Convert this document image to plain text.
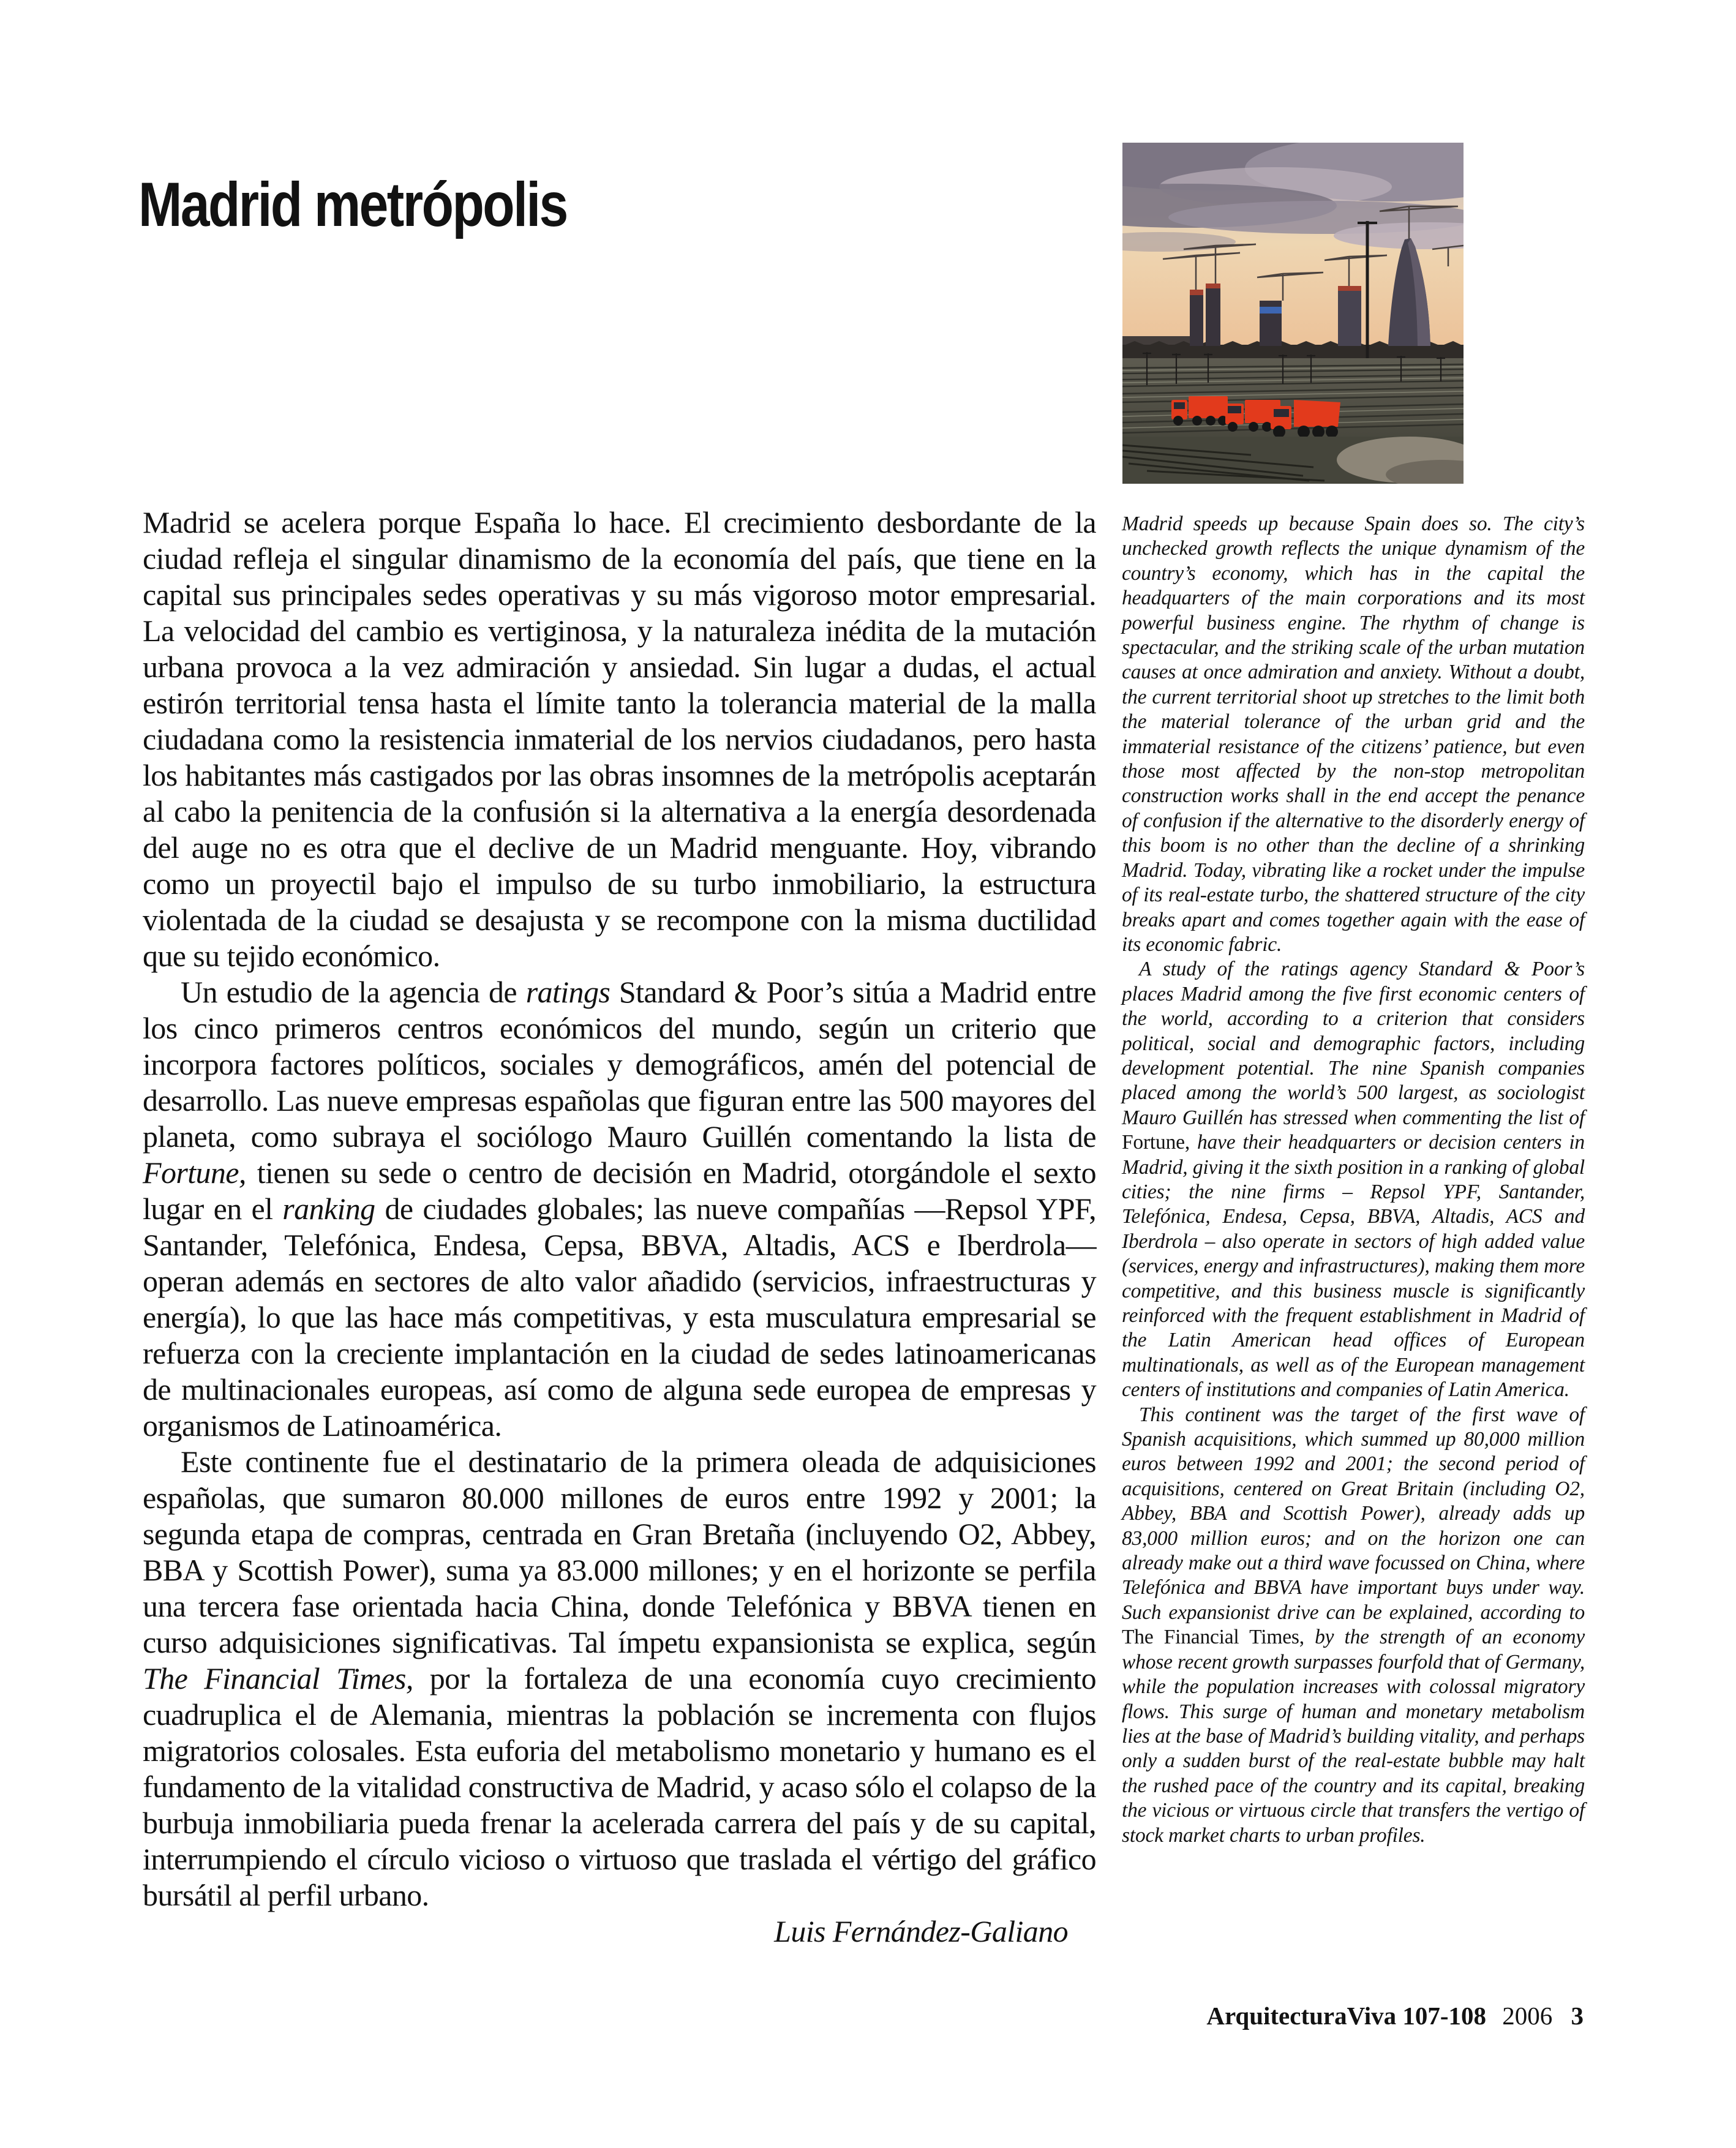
Madrid metrópolis

Madrid se acelera porque España lo hace. El crecimiento desbordante de la ciudad refleja el singular dinamismo de la economía del país, que tiene en la capital sus principales sedes operativas y su más vigoroso motor empresarial. La velocidad del cambio es vertiginosa, y la naturaleza inédita de la mutación urbana provoca a la vez admiración y ansiedad. Sin lugar a dudas, el actual estirón territorial tensa hasta el límite tanto la tolerancia material de la malla ciudadana como la resistencia inmaterial de los nervios ciudadanos, pero hasta los habitantes más castigados por las obras insomnes de la metrópolis aceptarán al cabo la penitencia de la confusión si la alternativa a la energía desordenada del auge no es otra que el declive de un Madrid menguante. Hoy, vibrando como un proyectil bajo el impulso de su turbo inmobiliario, la estructura violentada de la ciudad se desajusta y se recompone con la misma ductilidad que su tejido económico.

Un estudio de la agencia de ratings Standard & Poor’s sitúa a Madrid entre los cinco primeros centros económicos del mundo, según un criterio que incorpora factores políticos, sociales y demográficos, amén del potencial de desarrollo. Las nueve empresas españolas que figuran entre las 500 mayores del planeta, como subraya el sociólogo Mauro Guillén comentando la lista de Fortune, tienen su sede o centro de decisión en Madrid, otorgándole el sexto lugar en el ranking de ciudades globales; las nueve compañías —Repsol YPF, Santander, Telefónica, Endesa, Cepsa, BBVA, Altadis, ACS e Iberdrola— operan además en sectores de alto valor añadido (servicios, infraestructuras y energía), lo que las hace más competitivas, y esta musculatura empresarial se refuerza con la creciente implantación en la ciudad de sedes latinoamericanas de multinacionales europeas, así como de alguna sede europea de empresas y organismos de Latinoamérica.

Este continente fue el destinatario de la primera oleada de adquisiciones españolas, que sumaron 80.000 millones de euros entre 1992 y 2001; la segunda etapa de compras, centrada en Gran Bretaña (incluyendo O2, Abbey, BBA y Scottish Power), suma ya 83.000 millones; y en el horizonte se perfila una tercera fase orientada hacia China, donde Telefónica y BBVA tienen en curso adquisiciones significativas. Tal ímpetu expansionista se explica, según The Financial Times, por la fortaleza de una economía cuyo crecimiento cuadruplica el de Alemania, mientras la población se incrementa con flujos migratorios colosales. Esta euforia del metabolismo monetario y humano es el fundamento de la vitalidad constructiva de Madrid, y acaso sólo el colapso de la burbuja inmobiliaria pueda frenar la acelerada carrera del país y de su capital, interrumpiendo el círculo vicioso o virtuoso que traslada el vértigo del gráfico bursátil al perfil urbano.

Luis Fernández-Galiano

Madrid speeds up because Spain does so. The city’s unchecked growth reflects the unique dynamism of the country’s economy, which has in the capital the headquarters of the main corporations and its most powerful business engine. The rhythm of change is spectacular, and the striking scale of the urban mutation causes at once admiration and anxiety. Without a doubt, the current territorial shoot up stretches to the limit both the material tolerance of the urban grid and the immaterial resistance of the citizens’ patience, but even those most affected by the non-stop metropolitan construction works shall in the end accept the penance of confusion if the alternative to the disorderly energy of this boom is no other than the decline of a shrinking Madrid. Today, vibrating like a rocket under the impulse of its real-estate turbo, the shattered structure of the city breaks apart and comes together again with the ease of its economic fabric.

A study of the ratings agency Standard & Poor’s places Madrid among the five first economic centers of the world, according to a criterion that considers political, social and demographic factors, including development potential. The nine Spanish companies placed among the world’s 500 largest, as sociologist Mauro Guillén has stressed when commenting the list of Fortune, have their headquarters or decision centers in Madrid, giving it the sixth position in a ranking of global cities; the nine firms – Repsol YPF, Santander, Telefónica, Endesa, Cepsa, BBVA, Altadis, ACS and Iberdrola – also operate in sectors of high added value (services, energy and infrastructures), making them more competitive, and this business muscle is significantly reinforced with the frequent establishment in Madrid of the Latin American head offices of European multinationals, as well as of the European management centers of institutions and companies of Latin America.

This continent was the target of the first wave of Spanish acquisitions, which summed up 80,000 million euros between 1992 and 2001; the second period of acquisitions, centered on Great Britain (including O2, Abbey, BBA and Scottish Power), already adds up 83,000 million euros; and on the horizon one can already make out a third wave focussed on China, where Telefónica and BBVA have important buys under way. Such expansionist drive can be explained, according to The Financial Times, by the strength of an economy whose recent growth surpasses fourfold that of Germany, while the population increases with colossal migratory flows. This surge of human and monetary metabolism lies at the base of Madrid’s building vitality, and perhaps only a sudden burst of the real-estate bubble may halt the rushed pace of the country and its capital, breaking the vicious or virtuous circle that transfers the vertigo of stock market charts to urban profiles.

ArquitecturaViva 107-108 2006 3
